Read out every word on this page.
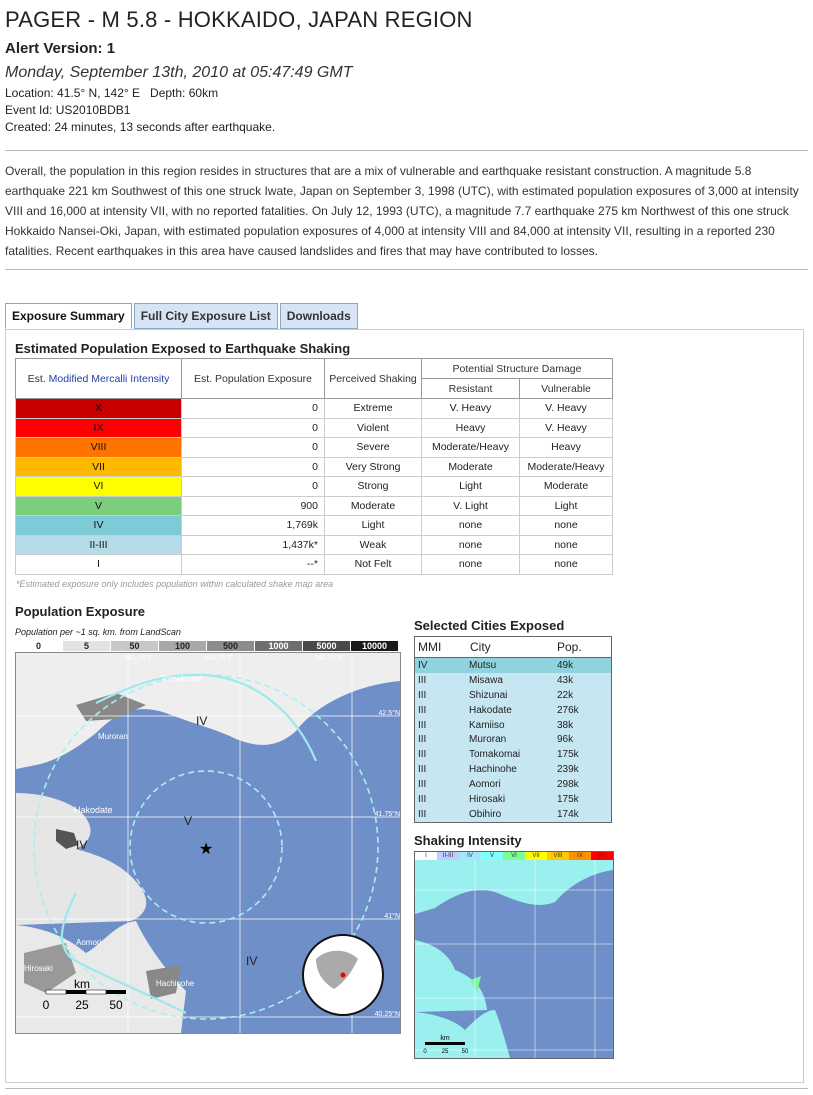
PAGER - M 5.8 - HOKKAIDO, JAPAN REGION
Alert Version: 1
Monday, September 13th, 2010 at 05:47:49 GMT
Location: 41.5° N, 142° E Depth: 60km
Event Id: US2010BDB1
Created: 24 minutes, 13 seconds after earthquake.
Overall, the population in this region resides in structures that are a mix of vulnerable and earthquake resistant construction. A magnitude 5.8 earthquake 221 km Southwest of this one struck Iwate, Japan on September 3, 1998 (UTC), with estimated population exposures of 3,000 at intensity VIII and 16,000 at intensity VII, with no reported fatalities. On July 12, 1993 (UTC), a magnitude 7.7 earthquake 275 km Northwest of this one struck Hokkaido Nansei-Oki, Japan, with estimated population exposures of 4,000 at intensity VIII and 84,000 at intensity VII, resulting in a reported 230 fatalities. Recent earthquakes in this area have caused landslides and fires that may have contributed to losses.
Exposure Summary	Full City Exposure List	Downloads
Estimated Population Exposed to Earthquake Shaking
Est. Modified Mercalli Intensity	Est. Population Exposure	Perceived Shaking	Potential Structure Damage	
			Resistant	Vulnerable
X	0	Extreme	V. Heavy	V. Heavy
IX	0	Violent	Heavy	V. Heavy
VIII	0	Severe	Moderate/Heavy	Heavy
VII	0	Very Strong	Moderate	Moderate/Heavy
VI	0	Strong	Light	Moderate
V	900	Moderate	V. Light	Light
IV	1,769k	Light	none	none
II-III	1,437k*	Weak	none	none
I	--*	Not Felt	none	none
*Estimated exposure only includes population within calculated shake map area
Population Exposure
Population per ~1 sq. km. from LandScan
0	5	50	100	500	1000	5000	10000
★
141.25°E	142.25°E	143.25°E
42.5°N
41.75°N
41°N
40.25°N
IV
V
IV
IV
Tomakomai
Muroran
Hakodate
Aomori
Hirosaki
Hachinohe
km
0 25 50
Selected Cities Exposed
MMI	City	Pop.
IV	Mutsu	49k
III	Misawa	43k
III	Shizunai	22k
III	Hakodate	276k
III	Kamiiso	38k
III	Muroran	96k
III	Tomakomai	175k
III	Hachinohe	239k
III	Aomori	298k
III	Hirosaki	175k
III	Obihiro	174k
Shaking Intensity
I	II-III	IV	V	VI	VII	VIII	IX	X+
km
0 25 50
